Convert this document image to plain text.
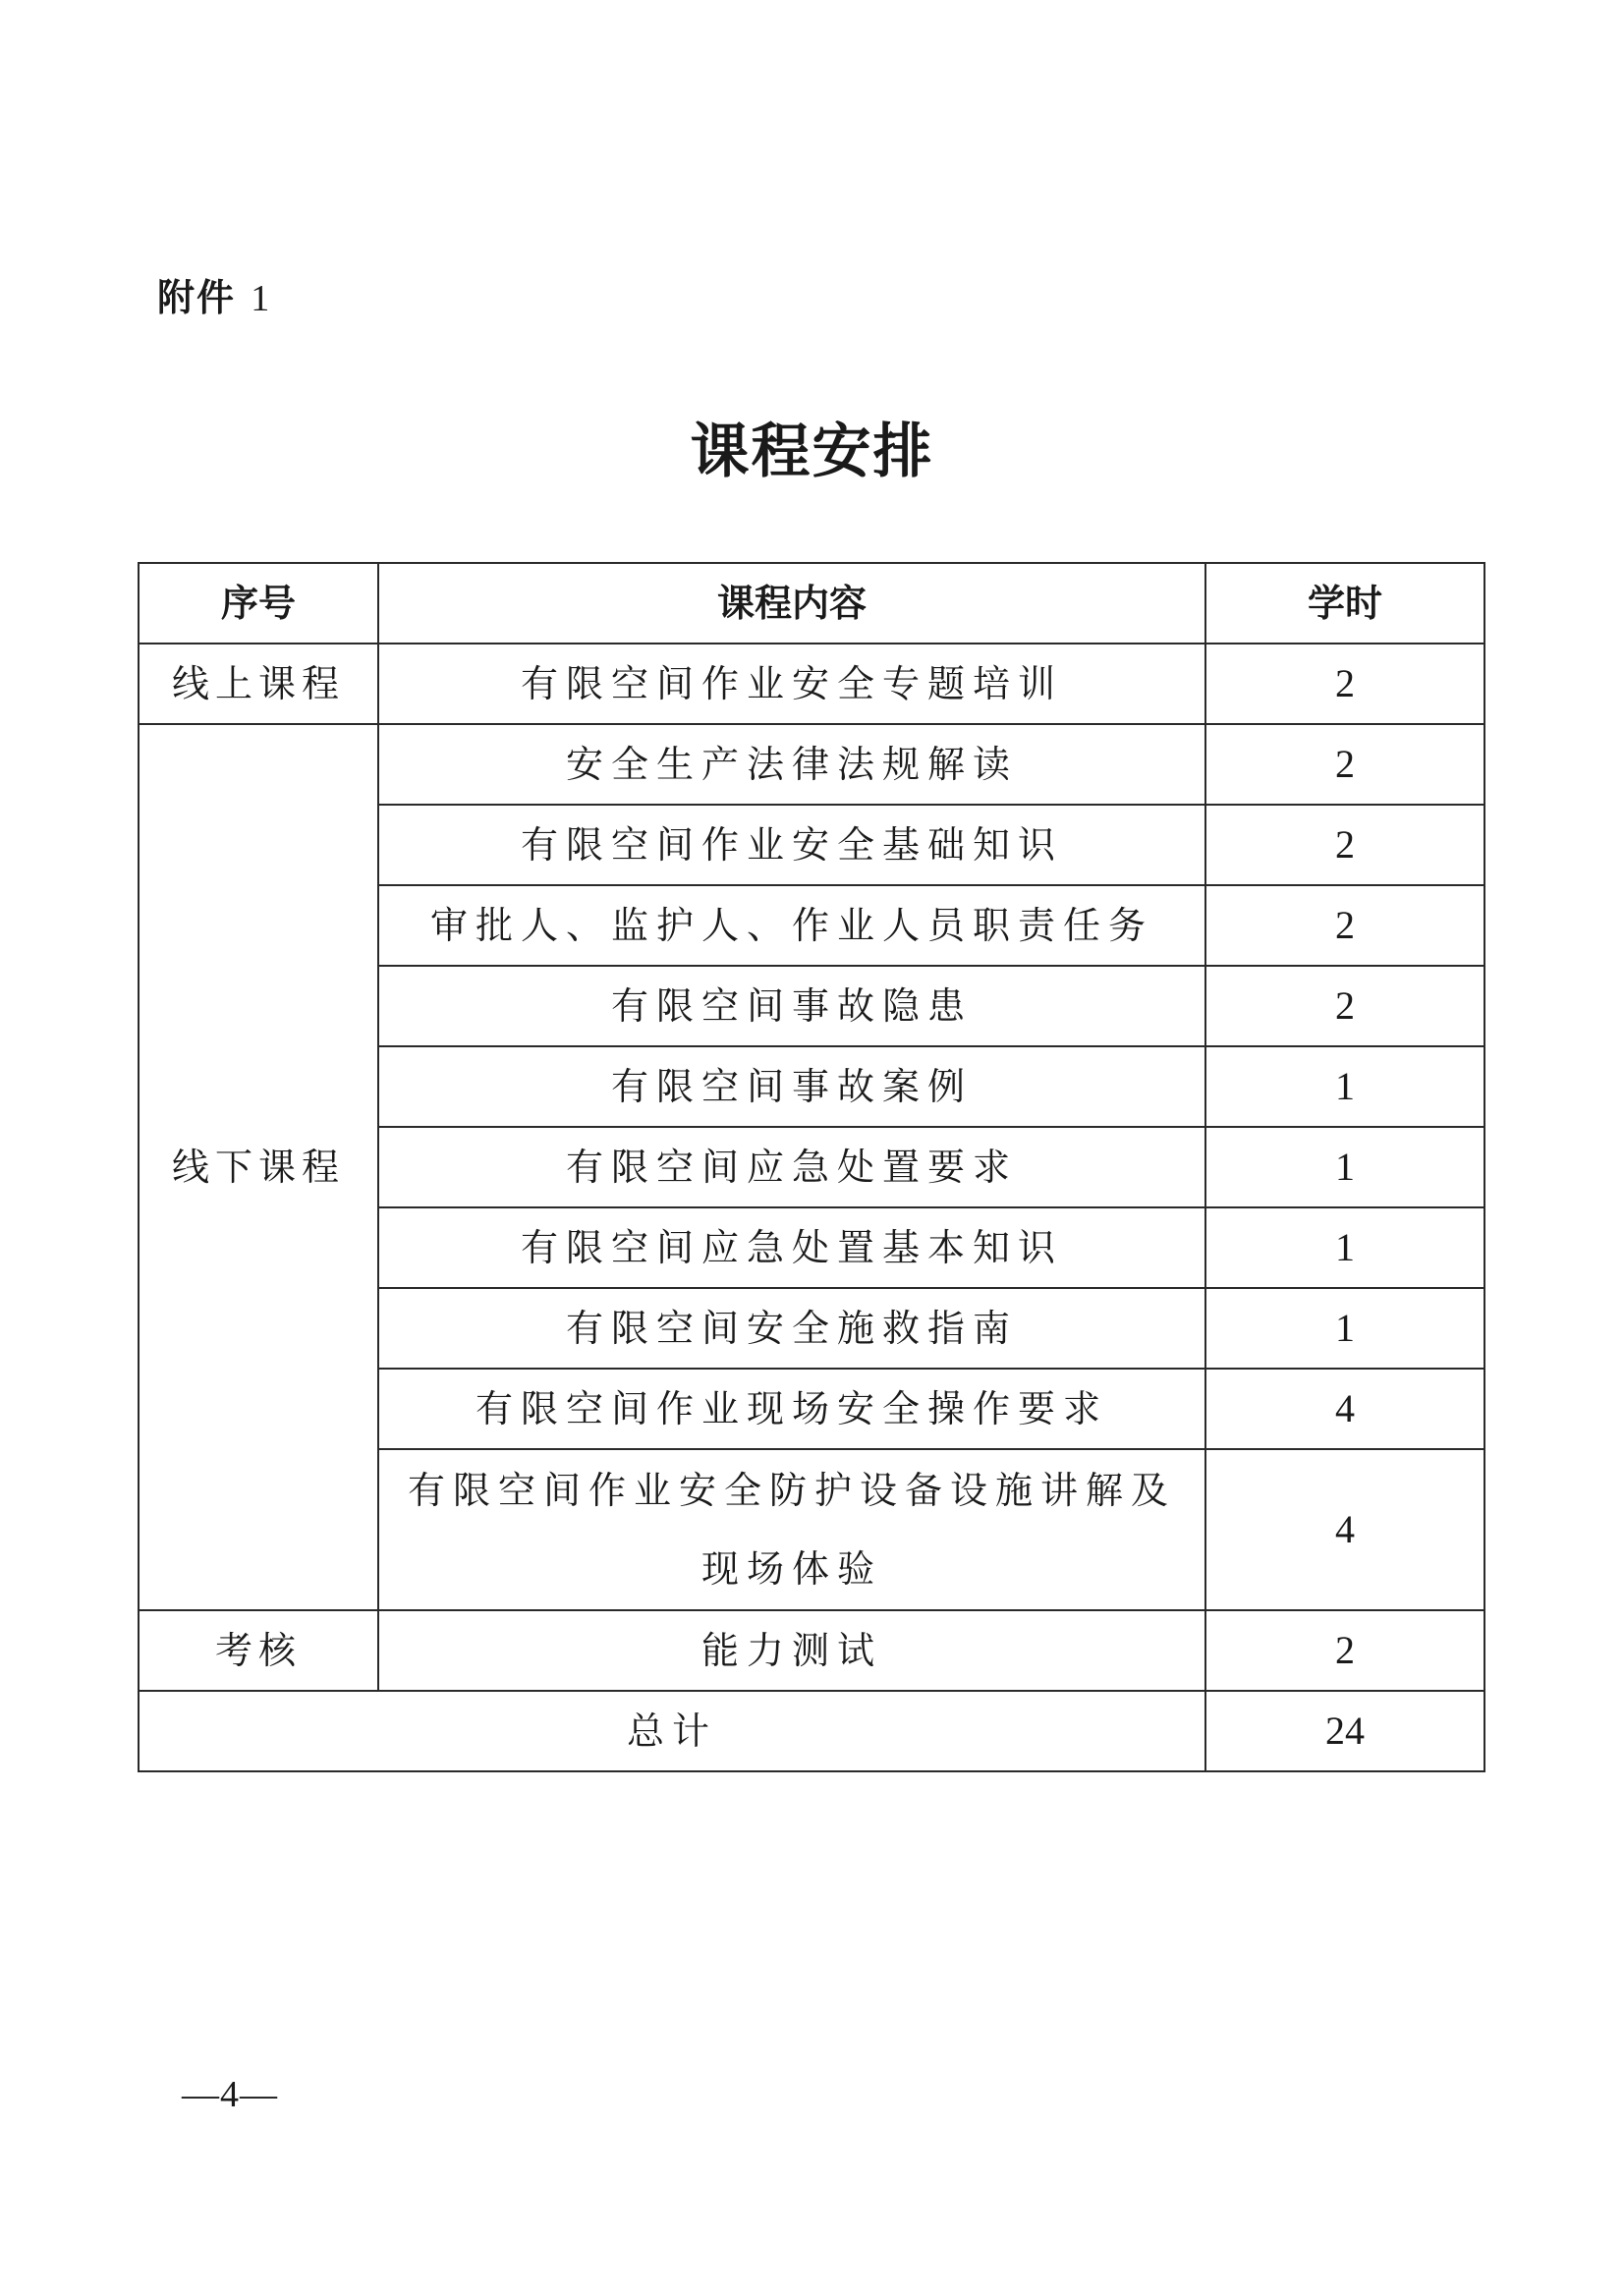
附件 1
课程安排
序号	课程内容	学时
线上课程	有限空间作业安全专题培训	2
线下课程	安全生产法律法规解读	2
	有限空间作业安全基础知识	2
	审批人、监护人、作业人员职责任务	2
	有限空间事故隐患	2
	有限空间事故案例	1
	有限空间应急处置要求	1
	有限空间应急处置基本知识	1
	有限空间安全施救指南	1
	有限空间作业现场安全操作要求	4
	有限空间作业安全防护设备设施讲解及现场体验	4
考核	能力测试	2
总计		24
—4—
